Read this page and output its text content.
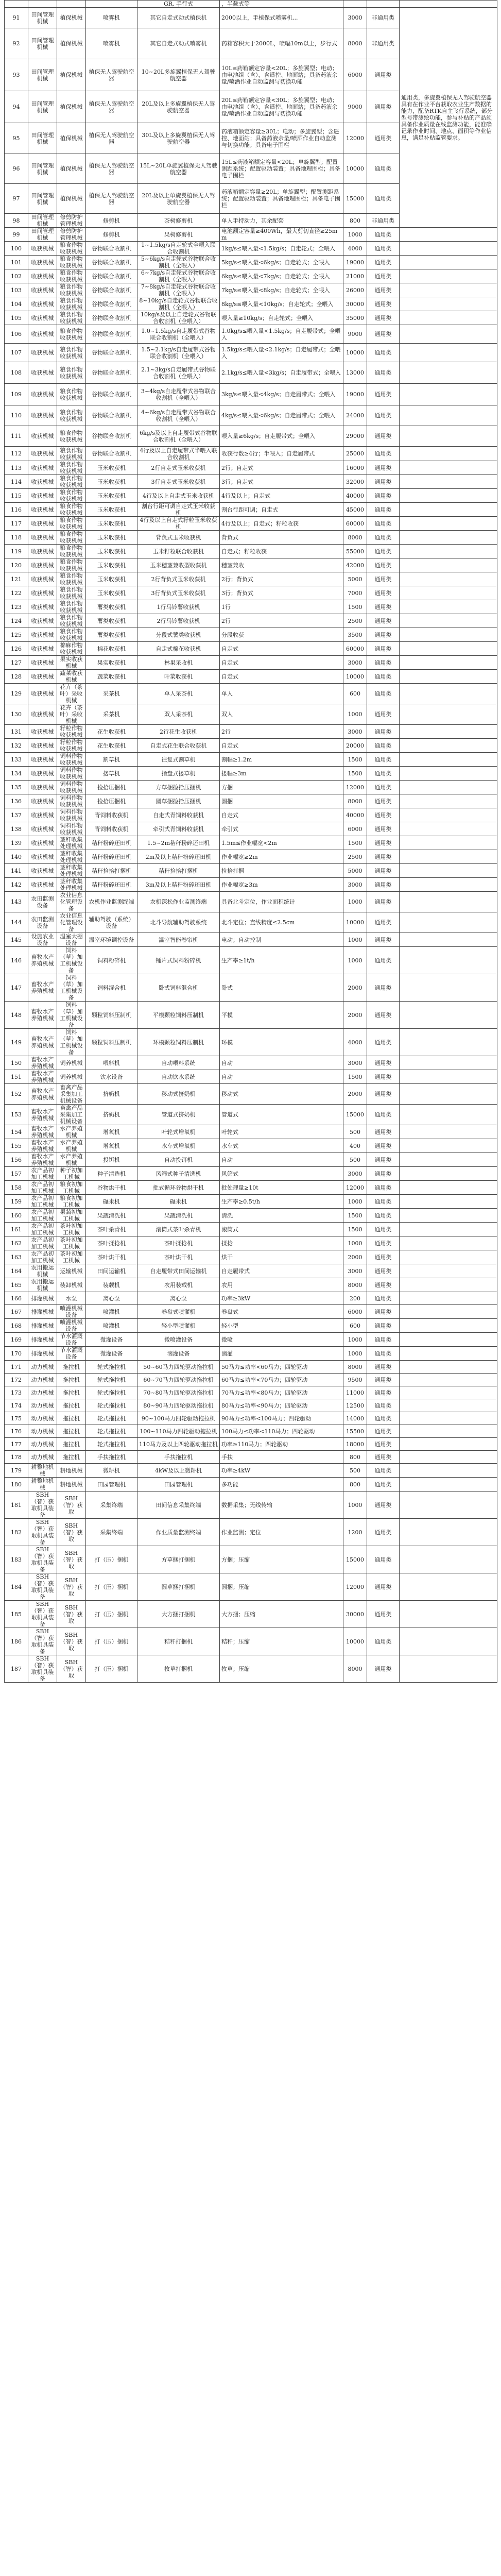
				GR, 手行式	，半截式等			
91	田间管理机械	植保机械	喷雾机	其它自走式动式植保机	2000以上，手植保式喷雾机...	3000	非通用类	通用类，多旋翼植保无人驾驶航空器具有在作业平台获取农业生产数据的能力，配备RTK自主飞行系统，部分型号带测绘功能，参与补贴的产品须具备作业质量在线监测功能，能准确记录作业时间、地点、面积等作业信息，满足补贴监管要求。
92	田间管理机械	植保机械	喷雾机	其它自走式动式喷雾机	药箱容积大于2000L，喷幅10m以上，步行式	8000	非通用类	
93	田间管理机械	植保机械	植保无人驾驶航空器	10~20L多旋翼植保无人驾驶航空器	10L≤药箱额定容量<20L；多旋翼型；电动；由电池组（含），含遥控、地面站；具备药液余量/喷洒作业自动监测与切换功能	6000	通用类	
94	田间管理机械	植保机械	植保无人驾驶航空器	20L及以上多旋翼植保无人驾驶航空器	20L≤药箱额定容量<30L；多旋翼型；电动；由电池组（含），含遥控、地面站；具备药液余量/喷洒作业自动监测与切换功能	9000	通用类	
95	田间管理机械	植保机械	植保无人驾驶航空器	30L及以上多旋翼植保无人驾驶航空器	药液箱额定容量≥30L；电动；多旋翼型；含遥控、地面站；具备药液余量/喷洒作业自动监测与切换功能；具备电子围栏	12000	通用类	
96	田间管理机械	植保机械	植保无人驾驶航空器	15L~20L单旋翼植保无人驾驶航空器	15L≤药液箱额定容量<20L；单旋翼型；配置测距系统；配置驱动装置；具备地理围栏；具备电子围栏	10000	通用类	
97	田间管理机械	植保机械	植保无人驾驶航空器	20L及以上单旋翼植保无人驾驶航空器	药液箱额定容量≥20L；单旋翼型；配置测距系统；配置驱动装置；具备地理围栏；具备电子围栏	15000	通用类	
98	田间管理机械	修剪防护管理机械	修剪机	茶树修剪机	单人手持动力，其余配套	800	非通用类	
99	田间管理机械	修剪防护管理机械	修剪机	果树修剪机	电池额定容量≥400Wh，最大剪切直径≥25mm	1000	通用类	
100	收获机械	粮食作物收获机械	谷物联合收割机	1~1.5kg/s自走轮式全喂入联合收割机	1kg/s≤喂入量<1.5kg/s；自走轮式；全喂入	4000	通用类	
101	收获机械	粮食作物收获机械	谷物联合收割机	5~6kg/s自走轮式谷物联合收割机（全喂入）	5kg/s≤喂入量<6kg/s；自走轮式；全喂入	19000	通用类	
102	收获机械	粮食作物收获机械	谷物联合收割机	6~7kg/s自走轮式谷物联合收割机（全喂入）	6kg/s≤喂入量<7kg/s；自走轮式；全喂入	21000	通用类	
103	收获机械	粮食作物收获机械	谷物联合收割机	7~8kg/s自走轮式谷物联合收割机（全喂入）	7kg/s≤喂入量<8kg/s；自走轮式；全喂入	26000	通用类	
104	收获机械	粮食作物收获机械	谷物联合收割机	8~10kg/s自走轮式谷物联合收割机（全喂入）	8kg/s≤喂入量<10kg/s；自走轮式；全喂入	30000	通用类	
105	收获机械	粮食作物收获机械	谷物联合收割机	10kg/s及以上自走轮式谷物联合收割机（全喂入）	喂入量≥10kg/s；自走轮式；全喂入	35000	通用类	
106	收获机械	粮食作物收获机械	谷物联合收割机	1.0~1.5kg/s自走履带式谷物联合收割机（全喂入）	1.0kg/s≤喂入量<1.5kg/s；自走履带式；全喂入	9000	通用类	
107	收获机械	粮食作物收获机械	谷物联合收割机	1.5~2.1kg/s自走履带式谷物联合收割机（全喂入）	1.5kg/s≤喂入量<2.1kg/s；自走履带式；全喂入	10000	通用类	
108	收获机械	粮食作物收获机械	谷物联合收割机	2.1~3kg/s自走履带式谷物联合收割机（全喂入）	2.1kg/s≤喂入量<3kg/s；自走履带式；全喂入	13000	通用类	
109	收获机械	粮食作物收获机械	谷物联合收割机	3~4kg/s自走履带式谷物联合收割机（全喂入）	3kg/s≤喂入量<4kg/s；自走履带式；全喂入	19000	通用类	
110	收获机械	粮食作物收获机械	谷物联合收割机	4~6kg/s自走履带式谷物联合收割机（全喂入）	4kg/s≤喂入量<6kg/s；自走履带式；全喂入	24000	通用类	
111	收获机械	粮食作物收获机械	谷物联合收割机	6kg/s及以上自走履带式谷物联合收割机（全喂入）	喂入量≥6kg/s；自走履带式；全喂入	29000	通用类	
112	收获机械	粮食作物收获机械	谷物联合收割机	4行及以上自走履带式半喂入联合收割机	收获行数≥4行；半喂入；自走履带式	25000	通用类	
113	收获机械	粮食作物收获机械	玉米收获机	2行自走式玉米收获机	2行；自走式	16000	通用类	
114	收获机械	粮食作物收获机械	玉米收获机	3行自走式玉米收获机	3行；自走式	32000	通用类	
115	收获机械	粮食作物收获机械	玉米收获机	4行及以上自走式玉米收获机	4行及以上；自走式	40000	通用类	
116	收获机械	粮食作物收获机械	玉米收获机	割台行距可调自走式玉米收获机	割台行距可调；自走式	45000	通用类	
117	收获机械	粮食作物收获机械	玉米收获机	4行及以上自走式籽粒玉米收获机	4行及以上；自走式；籽粒收获	60000	通用类	
118	收获机械	粮食作物收获机械	玉米收获机	背负式玉米收获机	背负式	8000	通用类	
119	收获机械	粮食作物收获机械	玉米收获机	玉米籽粒联合收获机	自走式；籽粒收获	55000	通用类	
120	收获机械	粮食作物收获机械	玉米收获机	玉米穗茎兼收型收获机	穗茎兼收	42000	通用类	
121	收获机械	粮食作物收获机械	玉米收获机	2行背负式玉米收获机	2行；背负式	5000	通用类	
122	收获机械	粮食作物收获机械	玉米收获机	3行背负式玉米收获机	3行；背负式	7000	通用类	
123	收获机械	粮食作物收获机械	薯类收获机	1行马铃薯收获机	1行	1500	通用类	
124	收获机械	粮食作物收获机械	薯类收获机	2行马铃薯收获机	2行	2500	通用类	
125	收获机械	粮食作物收获机械	薯类收获机	分段式薯类收获机	分段收获	3500	通用类	
126	收获机械	棉麻作物收获机械	棉花收获机	自走式棉花收获机	自走式	60000	通用类	
127	收获机械	果实收获机械	果实收获机	林果采收机	自走式	3000	通用类	
128	收获机械	蔬菜收获机械	蔬菜收获机	叶菜收获机	自走式	10000	通用类	
129	收获机械	花卉（茶叶）采收机械	采茶机	单人采茶机	单人	600	通用类	
130	收获机械	花卉（茶叶）采收机械	采茶机	双人采茶机	双人	1000	通用类	
131	收获机械	籽粒作物收获机械	花生收获机	2行花生收获机	2行	3000	通用类	
132	收获机械	籽粒作物收获机械	花生收获机	自走式花生联合收获机	自走式	20000	通用类	
133	收获机械	饲料作物收获机械	割草机	往复式割草机	割幅≥1.2m	1500	通用类	
134	收获机械	饲料作物收获机械	搂草机	指盘式搂草机	搂幅≥3m	1500	通用类	
135	收获机械	饲料作物收获机械	捡拾压捆机	方草捆捡拾压捆机	方捆	12000	通用类	
136	收获机械	饲料作物收获机械	捡拾压捆机	圆草捆捡拾压捆机	圆捆	8000	通用类	
137	收获机械	饲料作物收获机械	青饲料收获机	自走式青饲料收获机	自走式	40000	通用类	
138	收获机械	饲料作物收获机械	青饲料收获机	牵引式青饲料收获机	牵引式	6000	通用类	
139	收获机械	茎秆收集处理机械	秸秆粉碎还田机	1.5~2m秸秆粉碎还田机	1.5m≤作业幅宽<2m	1500	通用类	
140	收获机械	茎秆收集处理机械	秸秆粉碎还田机	2m及以上秸秆粉碎还田机	作业幅宽≥2m	2500	通用类	
141	收获机械	茎秆收集处理机械	秸秆捡拾打捆机	秸秆捡拾打捆机	捡拾打捆	5000	通用类	
142	收获机械	茎秆收集处理机械	秸秆粉碎还田机	3m及以上秸秆粉碎还田机	作业幅宽≥3m	3000	通用类	
143	农田监测设备	农业信息化管理设备	农机作业监测终端	农机深松作业监测终端	具备北斗定位，作业面积统计	1000	通用类	
144	农田监测设备	农业信息化管理设备	辅助驾驶（系统）设备	北斗导航辅助驾驶系统	北斗定位；直线精度≤2.5cm	10000	通用类	
145	设施农业设备	温室大棚设备	温室环境调控设备	温室智能卷帘机	电动；自动控制	1000	通用类	
146	畜牧水产养殖机械	饲料（草）加工机械设备	饲料粉碎机	锤片式饲料粉碎机	生产率≥1t/h	1000	通用类	
147	畜牧水产养殖机械	饲料（草）加工机械设备	饲料混合机	卧式饲料混合机	卧式	2000	通用类	
148	畜牧水产养殖机械	饲料（草）加工机械设备	颗粒饲料压制机	平模颗粒饲料压制机	平模	2000	通用类	
149	畜牧水产养殖机械	饲料（草）加工机械设备	颗粒饲料压制机	环模颗粒饲料压制机	环模	4000	通用类	
150	畜牧水产养殖机械	饲养机械	喂料机	自动喂料系统	自动	3000	通用类	
151	畜牧水产养殖机械	饲养机械	饮水设备	自动饮水系统	自动	1500	通用类	
152	畜牧水产养殖机械	畜禽产品采集加工机械设备	挤奶机	移动式挤奶机	移动式	2000	通用类	
153	畜牧水产养殖机械	畜禽产品采集加工机械设备	挤奶机	管道式挤奶机	管道式	15000	通用类	
154	畜牧水产养殖机械	水产养殖机械	增氧机	叶轮式增氧机	叶轮式	500	通用类	
155	畜牧水产养殖机械	水产养殖机械	增氧机	水车式增氧机	水车式	400	通用类	
156	畜牧水产养殖机械	水产养殖机械	投饵机	自动投饵机	自动	500	通用类	
157	农产品初加工机械	种子初加工机械	种子清选机	风筛式种子清选机	风筛式	3000	通用类	
158	农产品初加工机械	粮食初加工机械	谷物烘干机	批式循环谷物烘干机	批处理量≥10t	12000	通用类	
159	农产品初加工机械	粮食初加工机械	碾米机	碾米机	生产率≥0.5t/h	1000	通用类	
160	农产品初加工机械	果蔬初加工机械	果蔬清洗机	果蔬清洗机	清洗	1500	通用类	
161	农产品初加工机械	茶叶初加工机械	茶叶杀青机	滚筒式茶叶杀青机	滚筒式	1500	通用类	
162	农产品初加工机械	茶叶初加工机械	茶叶揉捻机	茶叶揉捻机	揉捻	1000	通用类	
163	农产品初加工机械	茶叶初加工机械	茶叶烘干机	茶叶烘干机	烘干	2000	通用类	
164	农用搬运机械	运输机械	田间运输机	自走履带式田间运输机	自走履带式	3000	通用类	
165	农用搬运机械	装卸机械	装载机	农用装载机	农用	8000	通用类	
166	排灌机械	水泵	离心泵	离心泵	功率≥3kW	200	通用类	
167	排灌机械	喷灌机械设备	喷灌机	卷盘式喷灌机	卷盘式	6000	通用类	
168	排灌机械	喷灌机械设备	喷灌机	轻小型喷灌机	轻小型	600	通用类	
169	排灌机械	节水灌溉设备	微灌设备	微喷灌设备	微喷	1000	通用类	
170	排灌机械	节水灌溉设备	微灌设备	滴灌设备	滴灌	1000	通用类	
171	动力机械	拖拉机	轮式拖拉机	50~60马力四轮驱动拖拉机	50马力≤功率<60马力；四轮驱动	8000	通用类	
172	动力机械	拖拉机	轮式拖拉机	60~70马力四轮驱动拖拉机	60马力≤功率<70马力；四轮驱动	9500	通用类	
173	动力机械	拖拉机	轮式拖拉机	70~80马力四轮驱动拖拉机	70马力≤功率<80马力；四轮驱动	11000	通用类	
174	动力机械	拖拉机	轮式拖拉机	80~90马力四轮驱动拖拉机	80马力≤功率<90马力；四轮驱动	12500	通用类	
175	动力机械	拖拉机	轮式拖拉机	90~100马力四轮驱动拖拉机	90马力≤功率<100马力；四轮驱动	14000	通用类	
176	动力机械	拖拉机	轮式拖拉机	100~110马力四轮驱动拖拉机	100马力≤功率<110马力；四轮驱动	15500	通用类	
177	动力机械	拖拉机	轮式拖拉机	110马力及以上四轮驱动拖拉机	功率≥110马力；四轮驱动	18000	通用类	
178	动力机械	拖拉机	手扶拖拉机	手扶拖拉机	手扶	800	通用类	
179	耕整地机械	耕地机械	微耕机	4kW及以上微耕机	功率≥4kW	500	通用类	
180	耕整地机械	耕地机械	田园管理机	田园管理机	多功能	800	通用类	
181	SBH（智）获取机具装备	SBH（智）获取	采集终端	田间信息采集终端	数据采集；无线传输	1000	通用类	
182	SBH（智）获取机具装备	SBH（智）获取	采集终端	作业质量监测终端	作业监测；定位	1200	通用类	
183	SBH（智）获取机具装备	SBH（智）获取	打（压）捆机	方草捆打捆机	方捆；压缩	15000	通用类	
184	SBH（智）获取机具装备	SBH（智）获取	打（压）捆机	圆草捆打捆机	圆捆；压缩	12000	通用类	
185	SBH（智）获取机具装备	SBH（智）获取	打（压）捆机	大方捆打捆机	大方捆；压缩	30000	通用类	
186	SBH（智）获取机具装备	SBH（智）获取	打（压）捆机	秸秆打捆机	秸秆；压缩	10000	通用类	
187	SBH（智）获取机具装备	SBH（智）获取	打（压）捆机	牧草打捆机	牧草；压缩	8000	通用类	
